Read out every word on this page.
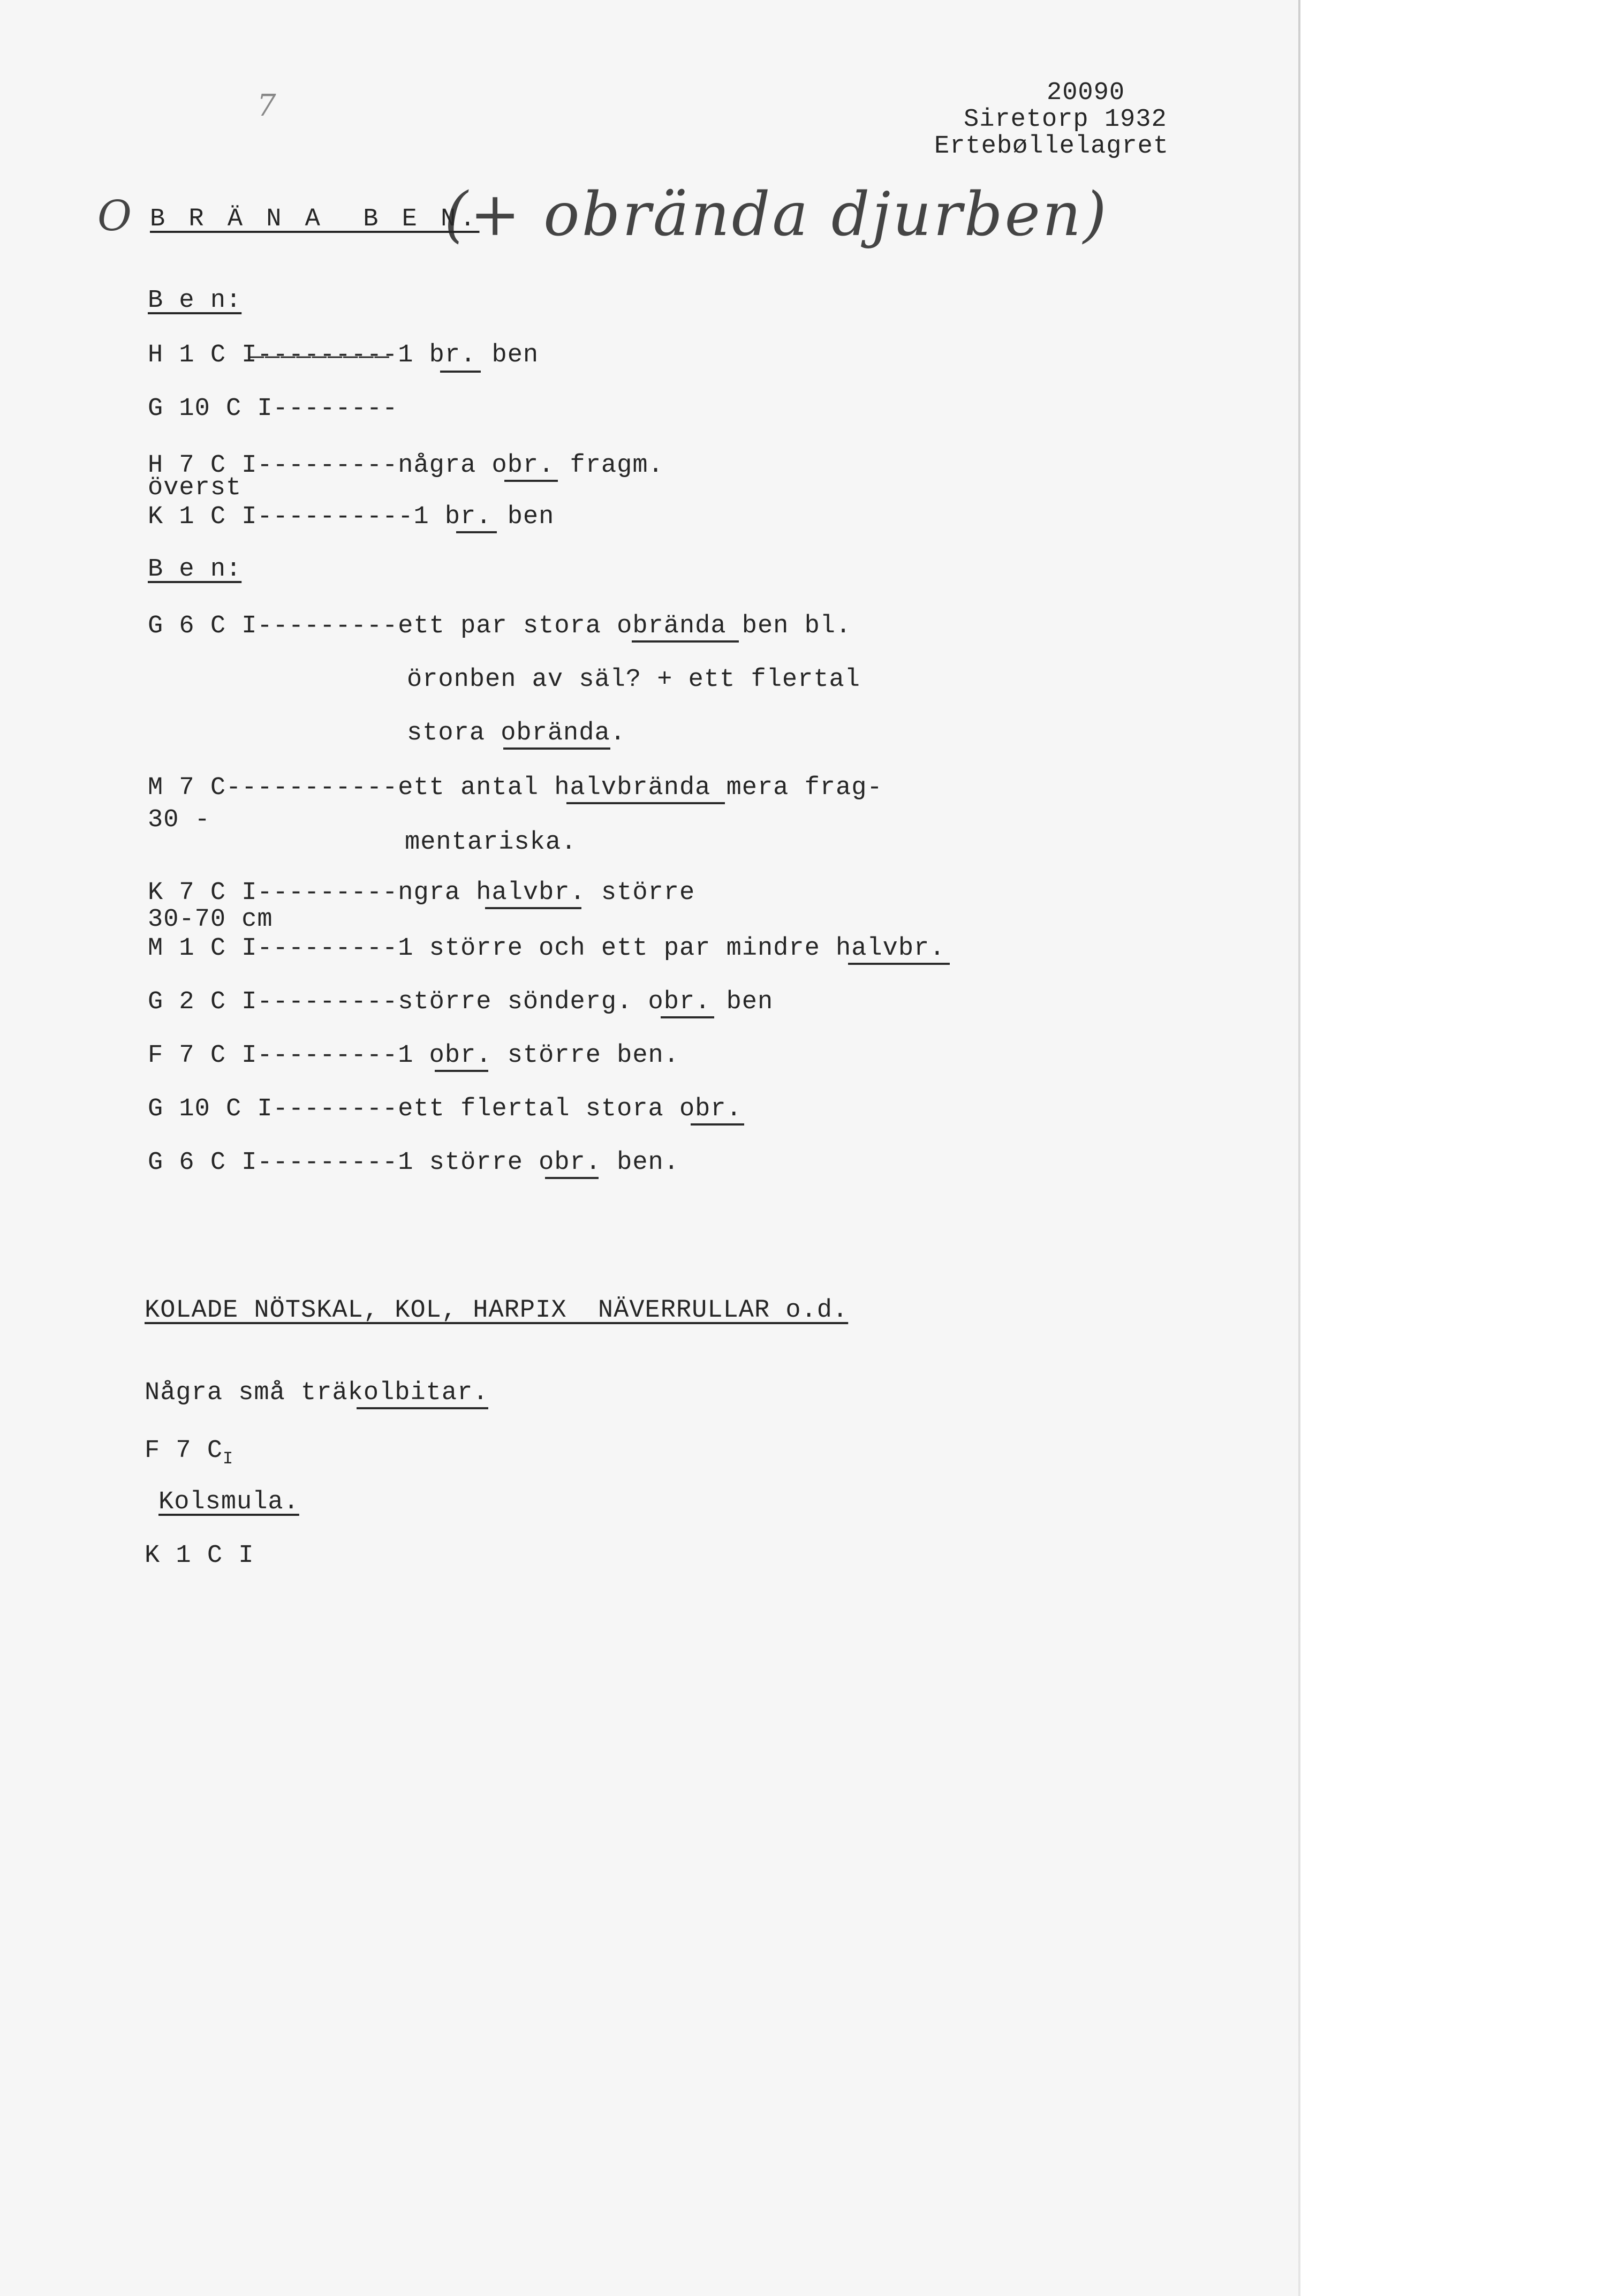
20090
Siretorp 1932
Ertebøllelagret
7
O	(+ obrända djurben)
B R Ä N A  B E N.
B e n:
H 1 C I̶-̶-̶-̶-̶-̶-̶-̶-̶-1 br. ben
G 10 C I--------
H 7 C I---------några obr. fragm.
överst
K 1 C I----------1 br. ben
B e n:
G 6 C I---------ett par stora obrända ben bl.
öronben av säl? + ett flertal
stora obrända.
M 7 C-----------ett antal halvbrända mera frag-
30 -
mentariska.
K 7 C I---------ngra halvbr. större
30-70 cm
M 1 C I---------1 större och ett par mindre halvbr.
G 2 C I---------större sönderg. obr. ben
F 7 C I---------1 obr. större ben.
G 10 C I--------ett flertal stora obr.
G 6 C I---------1 större obr. ben.
KOLADE NÖTSKAL, KOL, HARPIX  NÄVERRULLAR o.d.
Några små träkolbitar.
F 7 $C_I$
Kolsmula.
K 1 C I
